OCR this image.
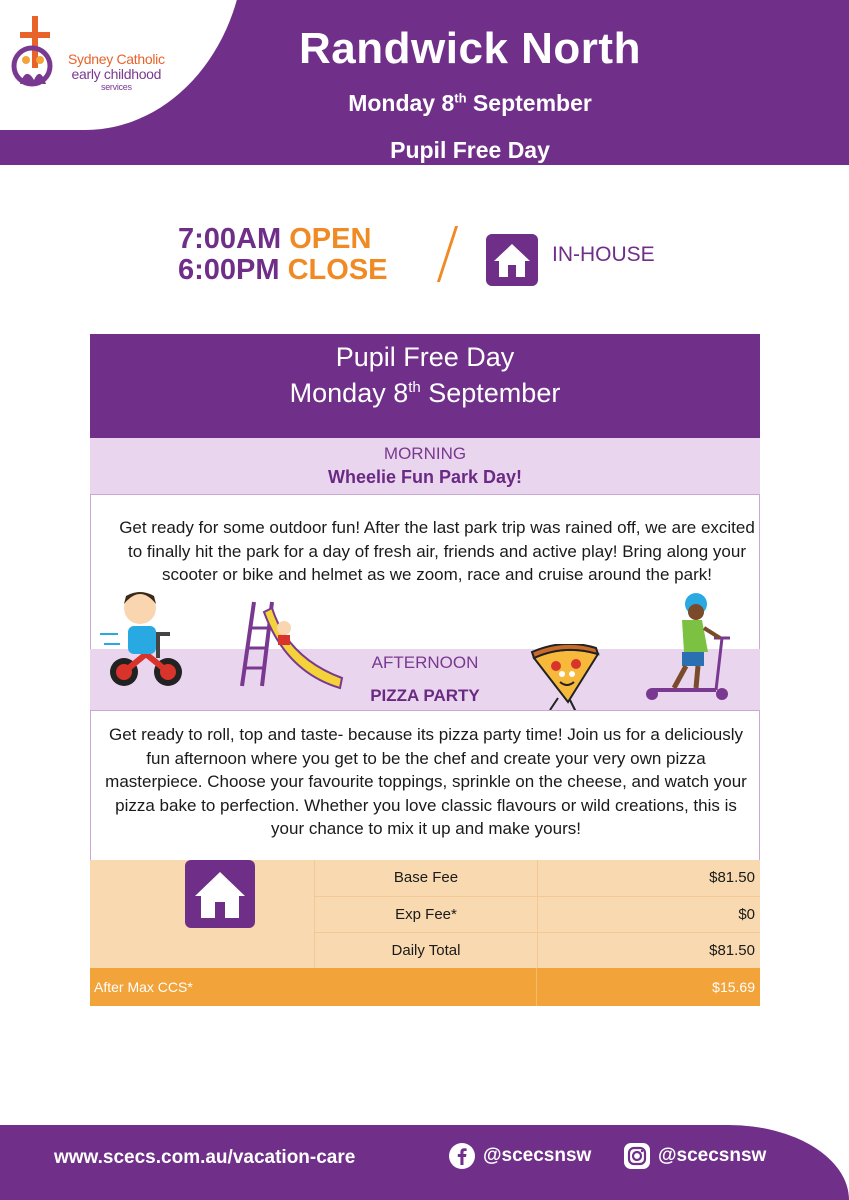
Sydney Catholic
early childhood
services
Randwick North
Monday 8th September
Pupil Free Day
7:00AM OPEN
6:00PM CLOSE	IN-HOUSE
Pupil Free Day
Monday 8th September
MORNING
Wheelie Fun Park Day!
Get ready for some outdoor fun! After the last park trip was rained off, we are excited to finally hit the park for a day of fresh air, friends and active play! Bring along your scooter or bike and helmet as we zoom, race and cruise around the park!
AFTERNOON
PIZZA PARTY
Get ready to roll, top and taste- because its pizza party time! Join us for a deliciously fun afternoon where you get to be the chef and create your very own pizza masterpiece. Choose your favourite toppings, sprinkle on the cheese, and watch your pizza bake to perfection. Whether you love classic flavours or wild creations, this is your chance to mix it up and make yours!
Base Fee	$81.50
Exp Fee*	$0
Daily Total	$81.50
After Max CCS*	$15.69
www.scecs.com.au/vacation-care	@scecsnsw	@scecsnsw
